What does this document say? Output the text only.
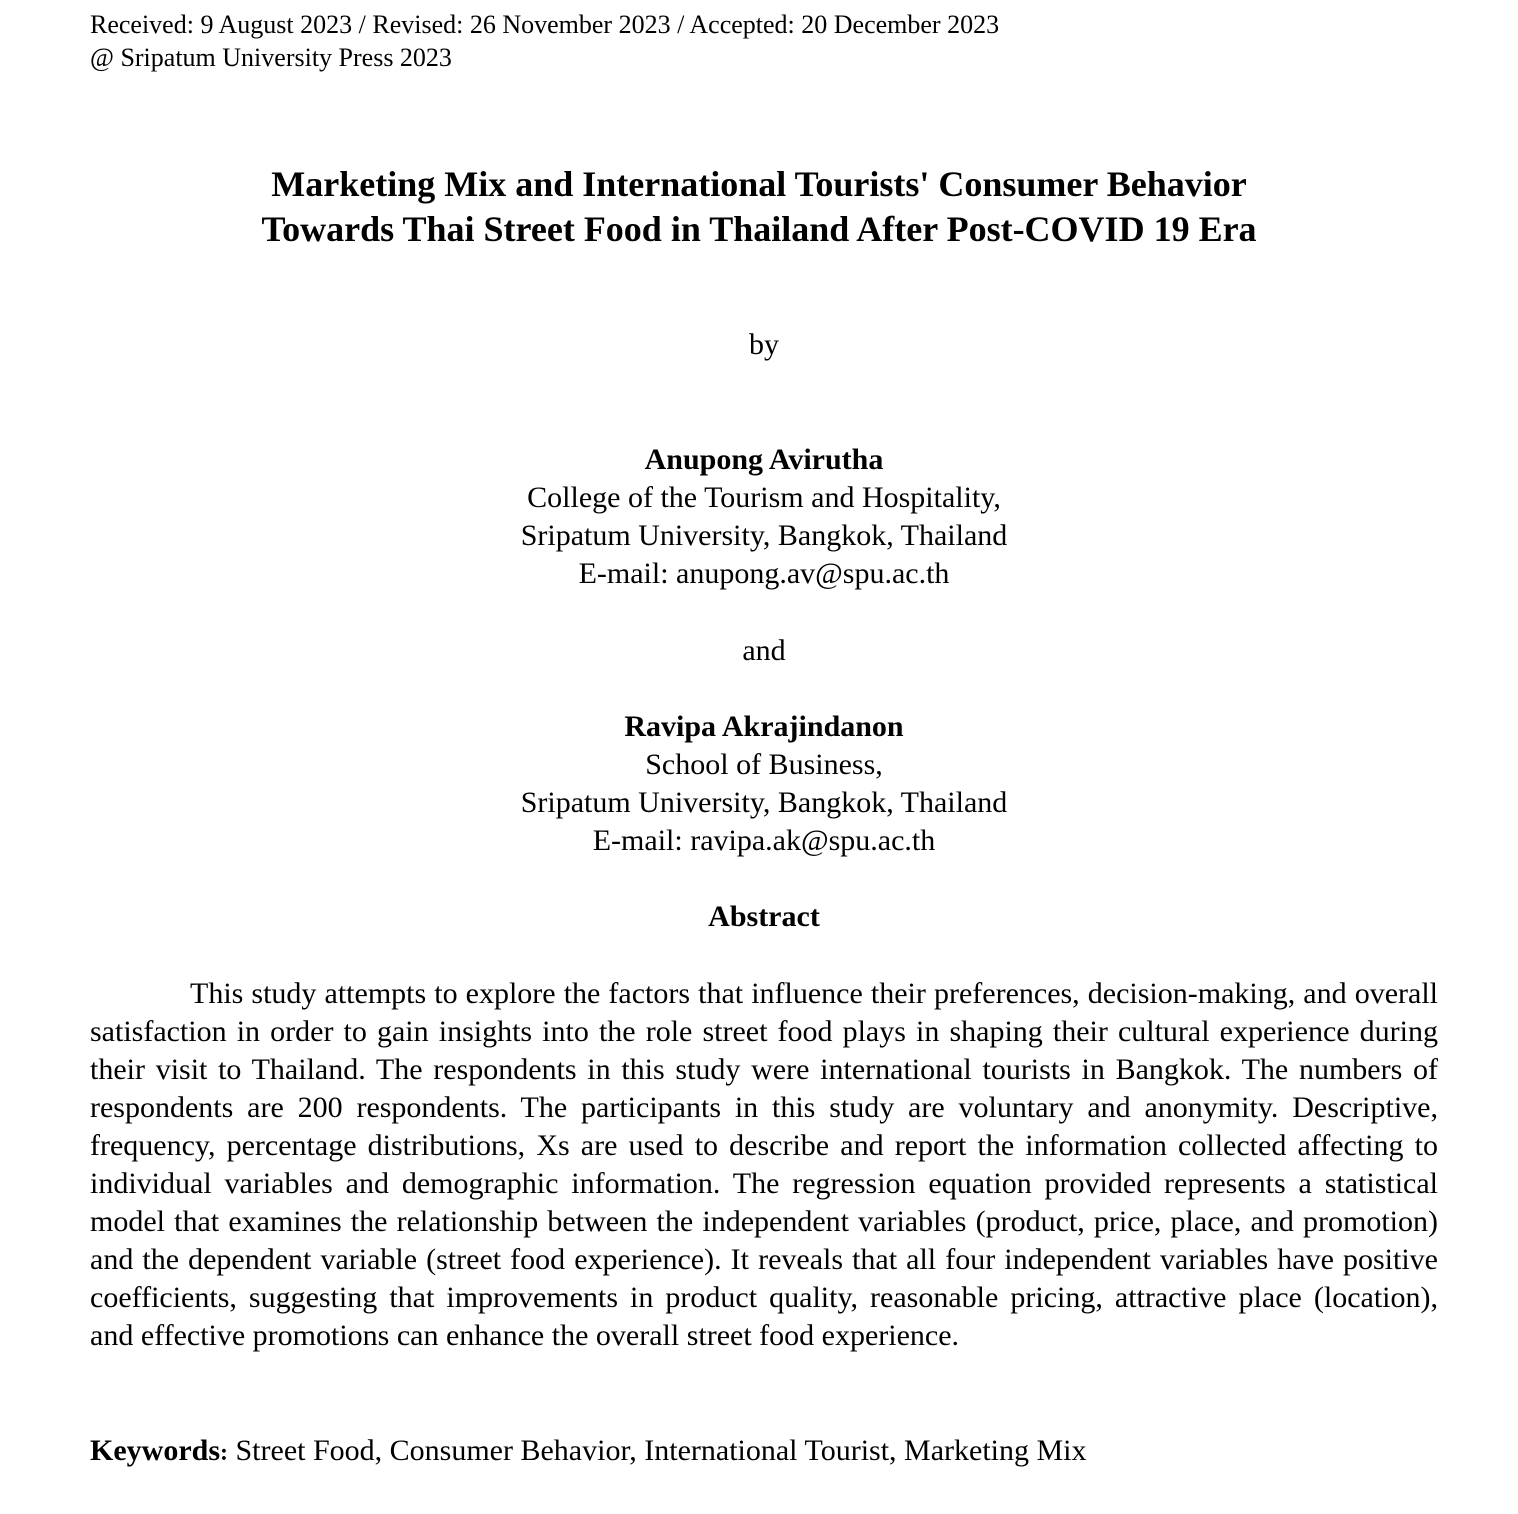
Received: 9 August 2023 / Revised: 26 November 2023 / Accepted: 20 December 2023
@ Sripatum University Press 2023
Marketing Mix and International Tourists' Consumer Behavior
Towards Thai Street Food in Thailand After Post-COVID 19 Era
by
Anupong Avirutha
College of the Tourism and Hospitality,
Sripatum University, Bangkok, Thailand
E-mail: anupong.av@spu.ac.th
and
Ravipa Akrajindanon
School of Business,
Sripatum University, Bangkok, Thailand
E-mail: ravipa.ak@spu.ac.th
Abstract
This study attempts to explore the factors that influence their preferences, decision-making, and overall satisfaction in order to gain insights into the role street food plays in shaping their cultural experience during their visit to Thailand. The respondents in this study were international tourists in Bangkok. The numbers of respondents are 200 respondents. The participants in this study are voluntary and anonymity. Descriptive, frequency, percentage distributions, Xs are used to describe and report the information collected affecting to individual variables and demographic information. The regression equation provided represents a statistical model that examines the relationship between the independent variables (product, price, place, and promotion) and the dependent variable (street food experience). It reveals that all four independent variables have positive coefficients, suggesting that improvements in product quality, reasonable pricing, attractive place (location), and effective promotions can enhance the overall street food experience.
Keywords: Street Food, Consumer Behavior, International Tourist, Marketing Mix
